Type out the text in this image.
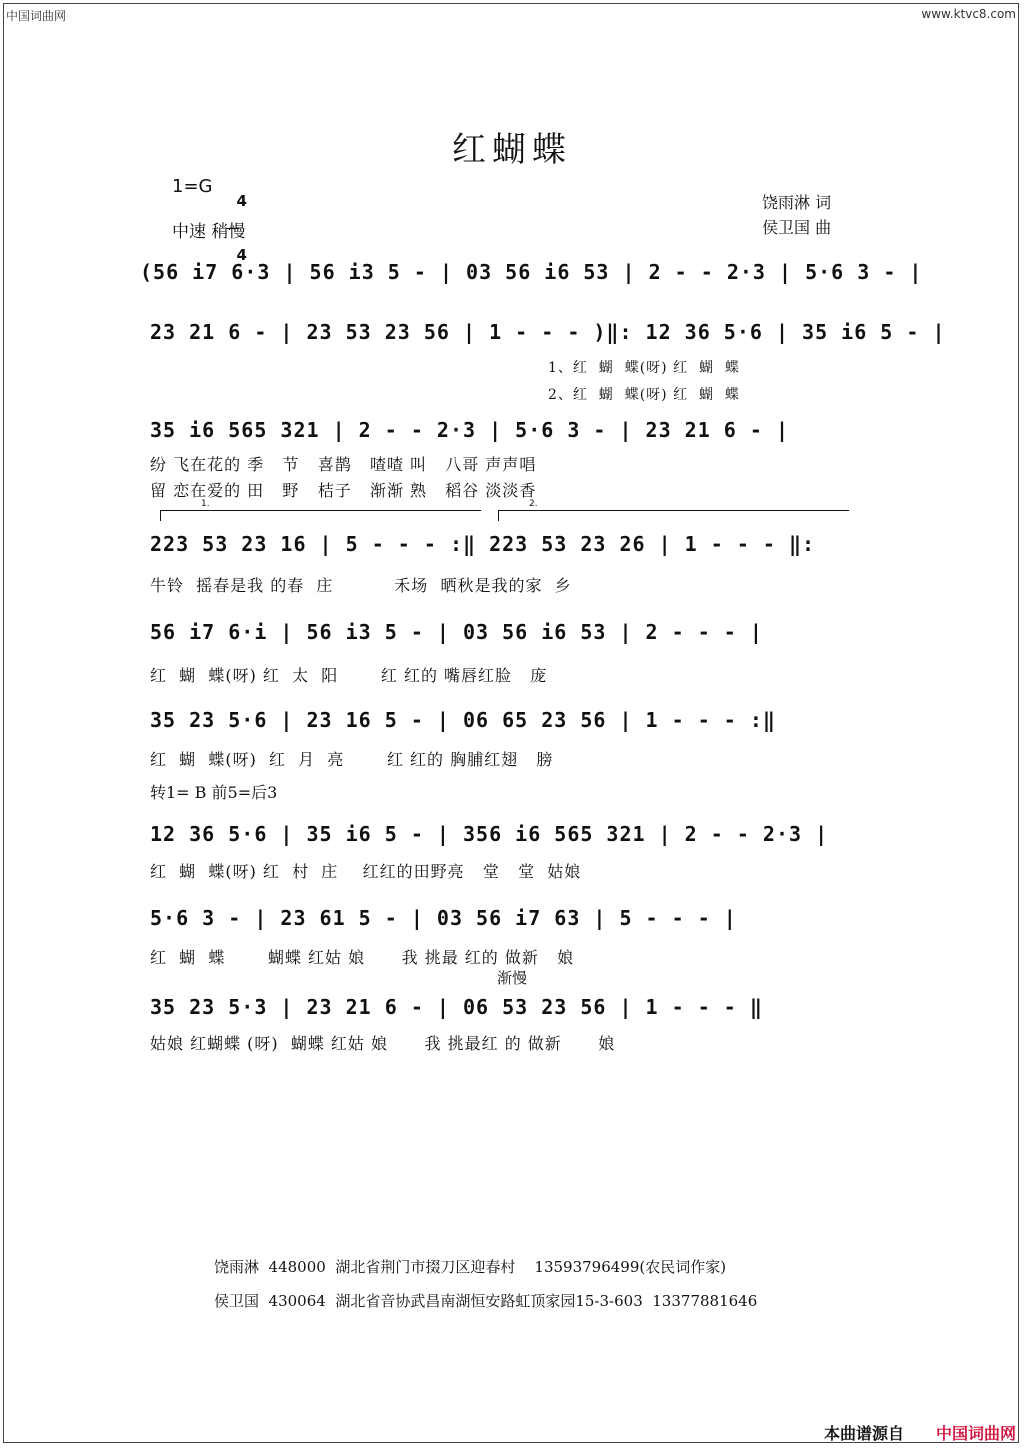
中国词曲网	www.ktvc8.com
红蝴蝶
1=G

4

4

中速 稍慢
饶雨淋 词
侯卫国 曲
(56 i7 6·3 | 56 i3 5 - | 03 56 i6 53 | 2 - - 2·3 | 5·6 3 - |
23 21 6 - | 23 53 23 56 | 1 - - - )‖: 12 36 5·6 | 35 i6 5 - |
1、红  蝴  蝶(呀) 红  蝴  蝶
2、红  蝴  蝶(呀) 红  蝴  蝶
35 i6 565 321 | 2 - - 2·3 | 5·6 3 - | 23 21 6 - |
纷 飞在花的 季   节   喜鹊   喳喳 叫   八哥 声声唱
留 恋在爱的 田   野   桔子   渐渐 熟   稻谷 淡淡香
1.	2.
223 53 23 16 | 5 - - - :‖ 223 53 23 26 | 1 - - - ‖:
牛铃  摇春是我 的春  庄          禾场  晒秋是我的家  乡
56 i7 6·i | 56 i3 5 - | 03 56 i6 53 | 2 - - - |
红  蝴  蝶(呀) 红  太  阳       红 红的 嘴唇红脸   庞
35 23 5·6 | 23 16 5 - | 06 65 23 56 | 1 - - - :‖
红  蝴  蝶(呀)  红  月  亮       红 红的 胸脯红翅   膀
转1= B 前5=后3
12 36 5·6 | 35 i6 5 - | 356 i6 565 321 | 2 - - 2·3 |
红  蝴  蝶(呀) 红  村  庄    红红的田野亮   堂   堂  姑娘
5·6 3 - | 23 61 5 - | 03 56 i7 63 | 5 - - - |
红  蝴  蝶       蝴蝶 红姑 娘      我 挑最 红的 做新   娘
渐慢
35 23 5·3 | 23 21 6 - | 06 53 23 56 | 1 - - - ‖
姑娘 红蝴蝶 (呀)  蝴蝶 红姑 娘      我 挑最红 的 做新      娘
饶雨淋  448000  湖北省荆门市掇刀区迎春村    13593796499(农民词作家)
侯卫国  430064  湖北省音协武昌南湖恒安路虹顶家园15-3-603  13377881646
本曲谱源自 中国词曲网
